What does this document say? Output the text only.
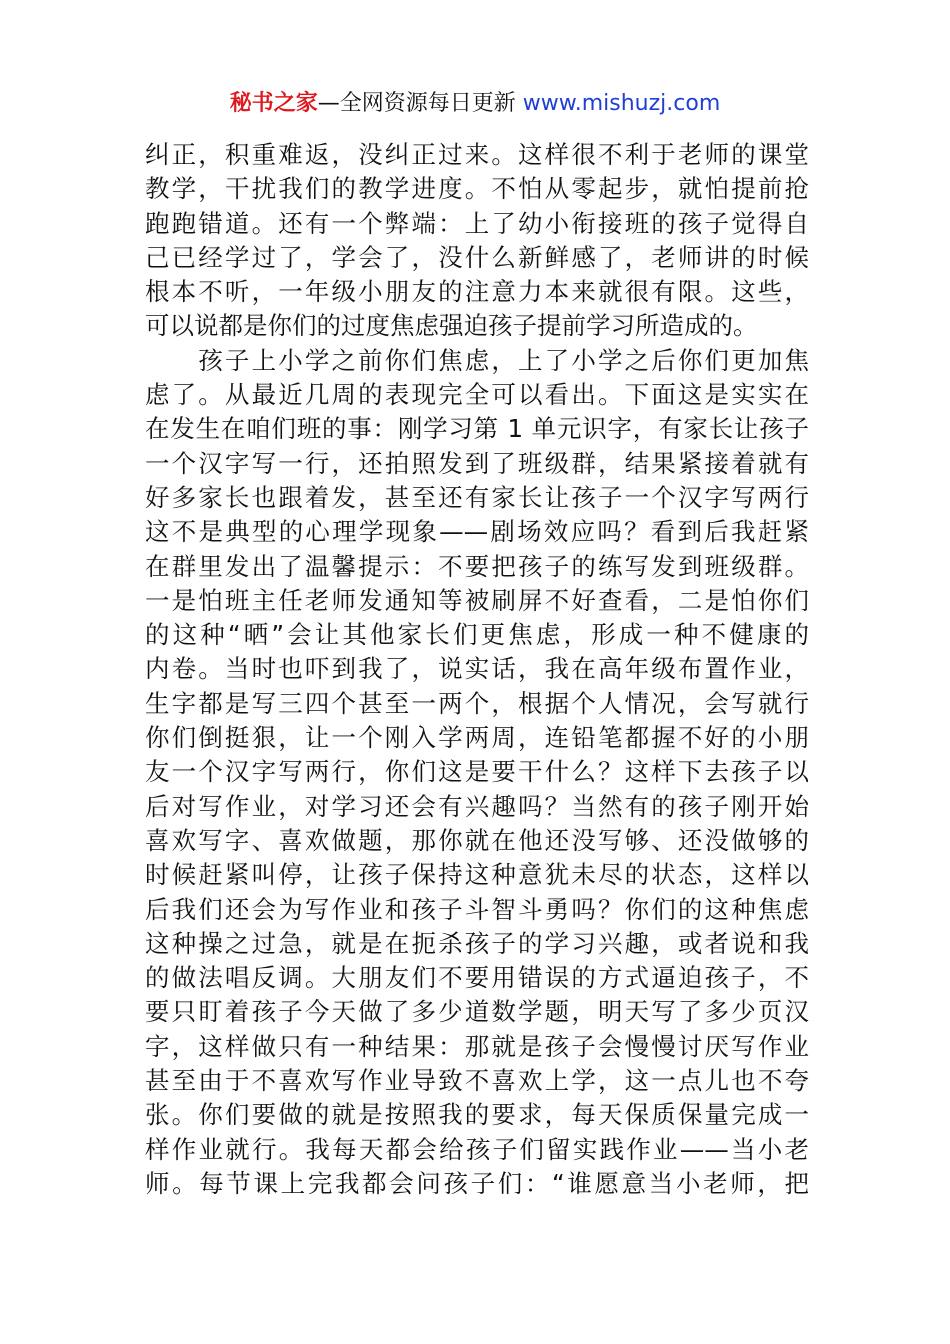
秘书之家—全网资源每日更新 www.mishuzj.com
纠正，积重难返，没纠正过来。这样很不利于老师的课堂
教学，干扰我们的教学进度。不怕从零起步，就怕提前抢
跑跑错道。还有一个弊端：上了幼小衔接班的孩子觉得自
己已经学过了，学会了，没什么新鲜感了，老师讲的时候
根本不听，一年级小朋友的注意力本来就很有限。这些，
可以说都是你们的过度焦虑强迫孩子提前学习所造成的。
　　孩子上小学之前你们焦虑，上了小学之后你们更加焦
虑了。从最近几周的表现完全可以看出。下面这是实实在
在发生在咱们班的事：刚学习第 1 单元识字，有家长让孩子
一个汉字写一行，还拍照发到了班级群，结果紧接着就有
好多家长也跟着发，甚至还有家长让孩子一个汉字写两行
这不是典型的心理学现象——剧场效应吗？看到后我赶紧
在群里发出了温馨提示：不要把孩子的练写发到班级群。
一是怕班主任老师发通知等被刷屏不好查看，二是怕你们
的这种“晒”会让其他家长们更焦虑，形成一种不健康的
内卷。当时也吓到我了，说实话，我在高年级布置作业，
生字都是写三四个甚至一两个，根据个人情况，会写就行
你们倒挺狠，让一个刚入学两周，连铅笔都握不好的小朋
友一个汉字写两行，你们这是要干什么？这样下去孩子以
后对写作业，对学习还会有兴趣吗？当然有的孩子刚开始
喜欢写字、喜欢做题，那你就在他还没写够、还没做够的
时候赶紧叫停，让孩子保持这种意犹未尽的状态，这样以
后我们还会为写作业和孩子斗智斗勇吗？你们的这种焦虑
这种操之过急，就是在扼杀孩子的学习兴趣，或者说和我
的做法唱反调。大朋友们不要用错误的方式逼迫孩子，不
要只盯着孩子今天做了多少道数学题，明天写了多少页汉
字，这样做只有一种结果：那就是孩子会慢慢讨厌写作业
甚至由于不喜欢写作业导致不喜欢上学，这一点儿也不夸
张。你们要做的就是按照我的要求，每天保质保量完成一
样作业就行。我每天都会给孩子们留实践作业——当小老
师。每节课上完我都会问孩子们：“谁愿意当小老师，把
